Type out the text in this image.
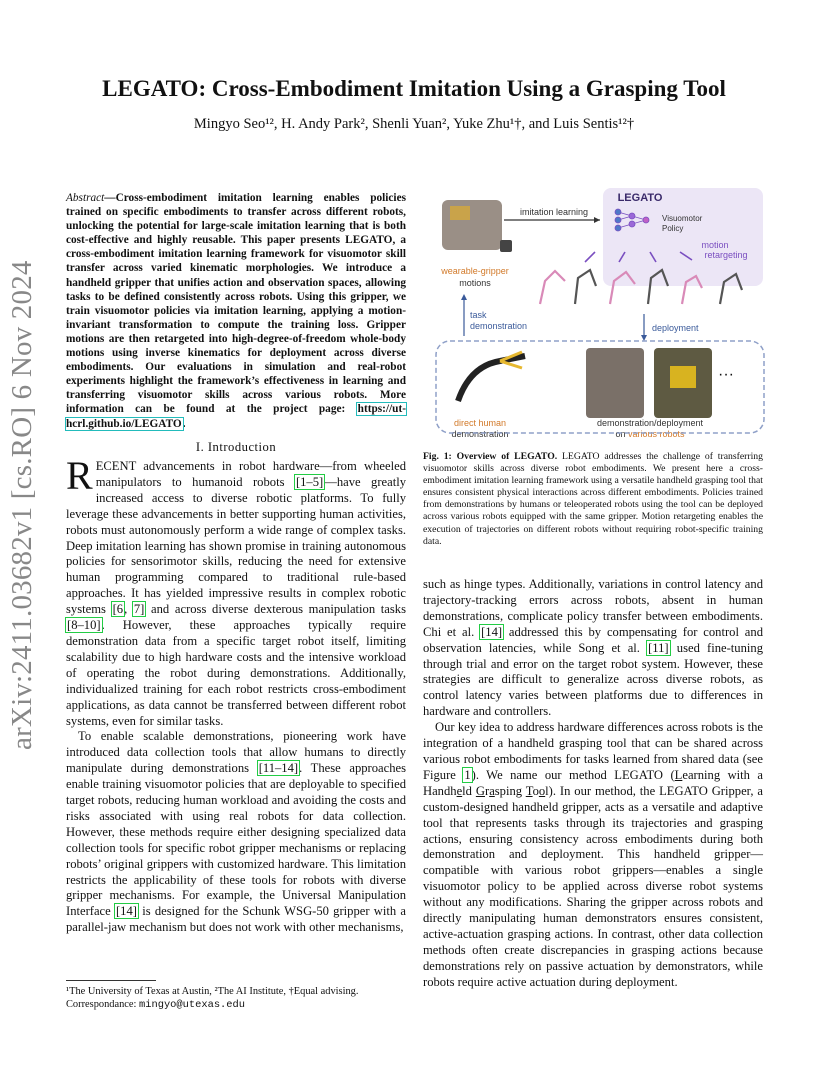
LEGATO: Cross-Embodiment Imitation Using a Grasping Tool
Mingyo Seo¹², H. Andy Park², Shenli Yuan², Yuke Zhu¹†, and Luis Sentis¹²†
arXiv:2411.03682v1 [cs.RO] 6 Nov 2024
Abstract—Cross-embodiment imitation learning enables policies trained on specific embodiments to transfer across different robots, unlocking the potential for large-scale imitation learning that is both cost-effective and highly reusable. This paper presents LEGATO, a cross-embodiment imitation learning framework for visuomotor skill transfer across varied kinematic morphologies. We introduce a handheld gripper that unifies action and observation spaces, allowing tasks to be defined consistently across robots. Using this gripper, we train visuomotor policies via imitation learning, applying a motion-invariant transformation to compute the training loss. Gripper motions are then retargeted into high-degree-of-freedom whole-body motions using inverse kinematics for deployment across diverse embodiments. Our evaluations in simulation and real-robot experiments highlight the framework’s effectiveness in learning and transferring visuomotor skills across various robots. More information can be found at the project page: https://ut-hcrl.github.io/LEGATO.
I. Introduction

RECENT advancements in robot hardware—from wheeled manipulators to humanoid robots [1–5]—have greatly increased access to diverse robotic platforms. To fully leverage these advancements in better supporting human activities, robots must autonomously perform a wide range of complex tasks. Deep imitation learning has shown promise in training autonomous policies for sensorimotor skills, reducing the need for extensive human programming compared to traditional rule-based approaches. It has yielded impressive results in complex robotic systems [6, 7] and across diverse dexterous manipulation tasks [8–10]. However, these approaches typically require demonstration data from a specific target robot itself, limiting scalability due to high hardware costs and the intensive workload of operating the robot during demonstrations. Additionally, individualized training for each robot restricts cross-embodiment applications, as data cannot be transferred between different robot systems, even for similar tasks.

To enable scalable demonstrations, pioneering work have introduced data collection tools that allow humans to directly manipulate during demonstrations [11–14]. These approaches enable training visuomotor policies that are deployable to specified target robots, reducing human workload and avoiding the costs and risks associated with using real robots for data collection. However, these methods require either designing specialized data collection tools for specific robot gripper mechanisms or replacing robots’ original grippers with customized hardware. This limitation restricts the applicability of these tools for robots with diverse gripper mechanisms. For example, the Universal Manipulation Interface [14] is designed for the Schunk WSG-50 gripper with a parallel-jaw mechanism but does not work with other mechanisms,

¹The University of Texas at Austin, ²The AI Institute, †Equal advising.
Correspondance: mingyo@utexas.edu
LEGATO
imitation learning
Visuomotor
Policy
motion
retargeting
wearable-gripper
motions
task
demonstration	deployment
direct human
demonstration
demonstration/deployment
on various robots
···
Fig. 1: Overview of LEGATO. LEGATO addresses the challenge of transferring visuomotor skills across diverse robot embodiments. We present here a cross-embodiment imitation learning framework using a versatile handheld grasping tool that ensures consistent physical interactions across different embodiments. Policies trained from demonstrations by humans or teleoperated robots using the tool can be deployed across various robots equipped with the same gripper. Motion retargeting enables the execution of trajectories on different robots without requiring robot-specific training data.

such as hinge types. Additionally, variations in control latency and trajectory-tracking errors across robots, absent in human demonstrations, complicate policy transfer between embodiments. Chi et al. [14] addressed this by compensating for control and observation latencies, while Song et al. [11] used fine-tuning through trial and error on the target robot system. However, these strategies are difficult to generalize across diverse robots, as control latency varies between platforms due to differences in hardware and controllers.

Our key idea to address hardware differences across robots is the integration of a handheld grasping tool that can be shared across various robot embodiments for tasks learned from shared data (see Figure 1). We name our method LEGATO (Learning with a Handheld Grasping Tool). In our method, the LEGATO Gripper, a custom-designed handheld gripper, acts as a versatile and adaptive tool that represents tasks through its trajectories and grasping actions, ensuring consistency across embodiments during both demonstration and deployment. This handheld gripper—compatible with various robot grippers—enables a single visuomotor policy to be applied across diverse robot systems without any modifications. Sharing the gripper across robots and directly manipulating human demonstrators ensures consistent, active-actuation grasping actions. In contrast, other data collection methods often create discrepancies in grasping actions because demonstrations rely on passive actuation by demonstrators, while robots require active actuation during deployment.
